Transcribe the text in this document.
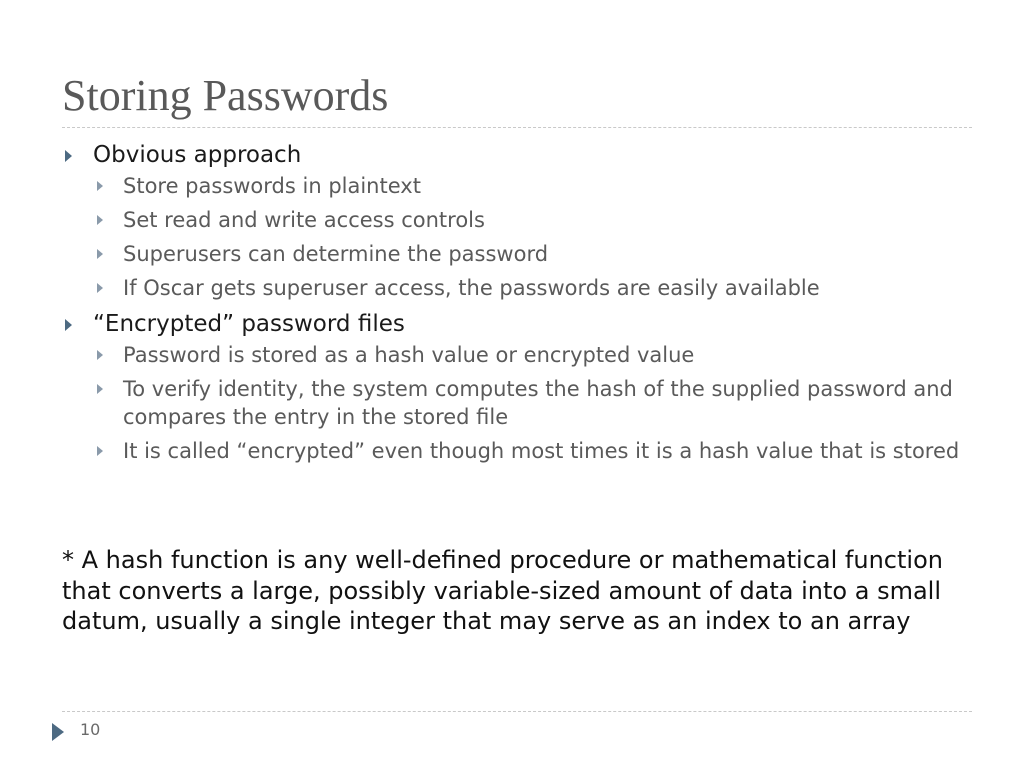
Storing Passwords
Obvious approach
Store passwords in plaintext
Set read and write access controls
Superusers can determine the password
If Oscar gets superuser access, the passwords are easily available
“Encrypted” password files
Password is stored as a hash value or encrypted value
To verify identity, the system computes the hash of the supplied password and compares the entry in the stored file
It is called “encrypted” even though most times it is a hash value that is stored

* A hash function is any well-defined procedure or mathematical function that converts a large, possibly variable-sized amount of data into a small datum, usually a single integer that may serve as an index to an array

10
